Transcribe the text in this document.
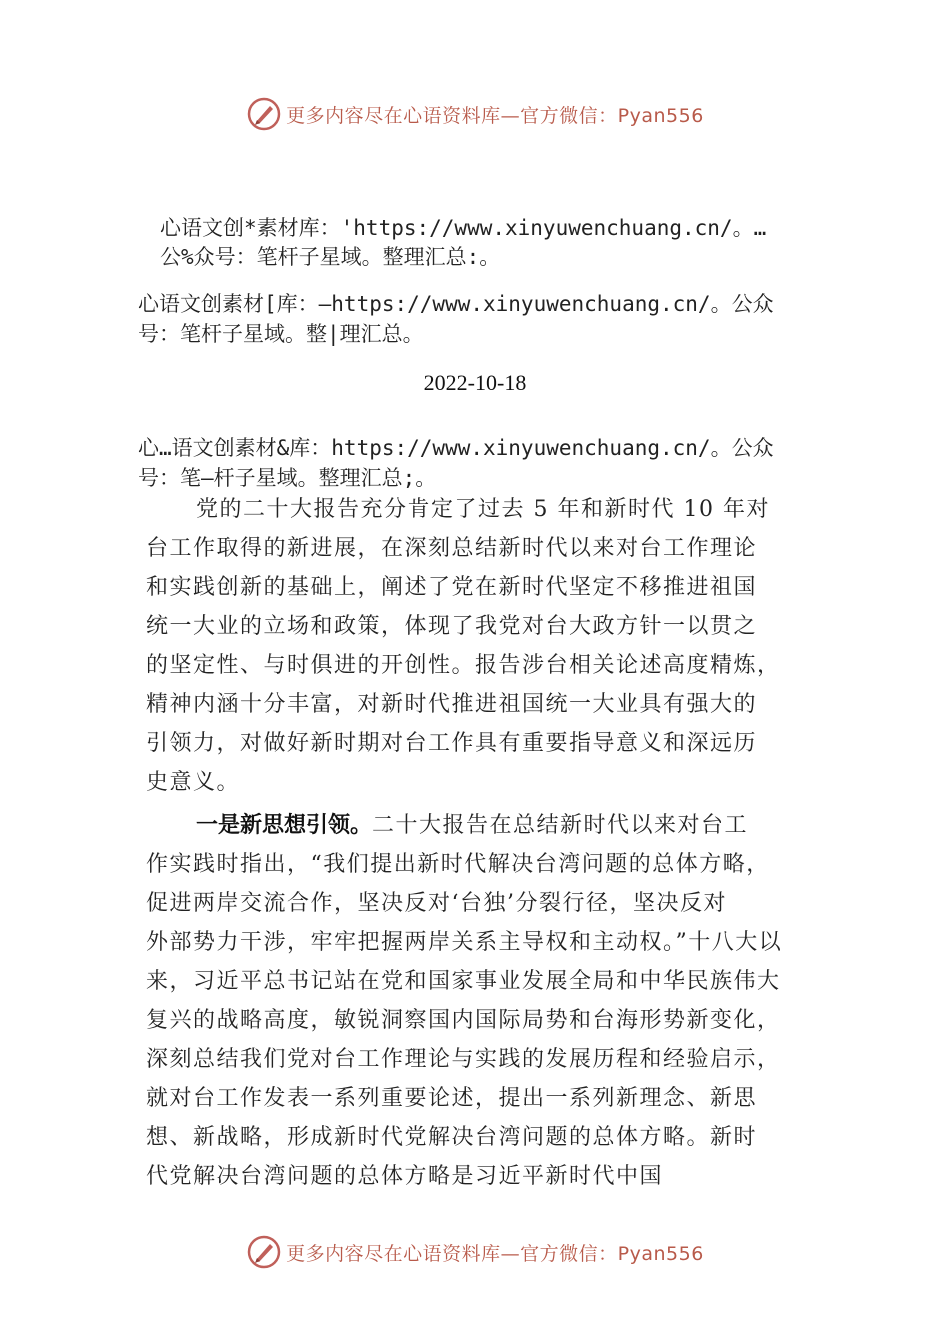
更多内容尽在心语资料库—官方微信：Pyan556
心语文创*素材库：'https://www.xinyuwenchuang.cn/。…
公%众号：笔杆子星域。整理汇总:。
心语文创素材[库：—https://www.xinyuwenchuang.cn/。公众
号：笔杆子星域。整|理汇总。
2022-10-18
心…语文创素材&库：https://www.xinyuwenchuang.cn/。公众
号：笔—杆子星域。整理汇总;。
党的二十大报告充分肯定了过去 5 年和新时代 10 年对
台工作取得的新进展，在深刻总结新时代以来对台工作理论
和实践创新的基础上，阐述了党在新时代坚定不移推进祖国
统一大业的立场和政策，体现了我党对台大政方针一以贯之
的坚定性、与时俱进的开创性。报告涉台相关论述高度精炼，
精神内涵十分丰富，对新时代推进祖国统一大业具有强大的
引领力，对做好新时期对台工作具有重要指导意义和深远历
史意义。
一是新思想引领。二十大报告在总结新时代以来对台工
作实践时指出，“我们提出新时代解决台湾问题的总体方略，
促进两岸交流合作，坚决反对‘台独’分裂行径，坚决反对
外部势力干涉，牢牢把握两岸关系主导权和主动权。”十八大以
来，习近平总书记站在党和国家事业发展全局和中华民族伟大
复兴的战略高度，敏锐洞察国内国际局势和台海形势新变化，
深刻总结我们党对台工作理论与实践的发展历程和经验启示，
就对台工作发表一系列重要论述，提出一系列新理念、新思
想、新战略，形成新时代党解决台湾问题的总体方略。新时
代党解决台湾问题的总体方略是习近平新时代中国
更多内容尽在心语资料库—官方微信：Pyan556
